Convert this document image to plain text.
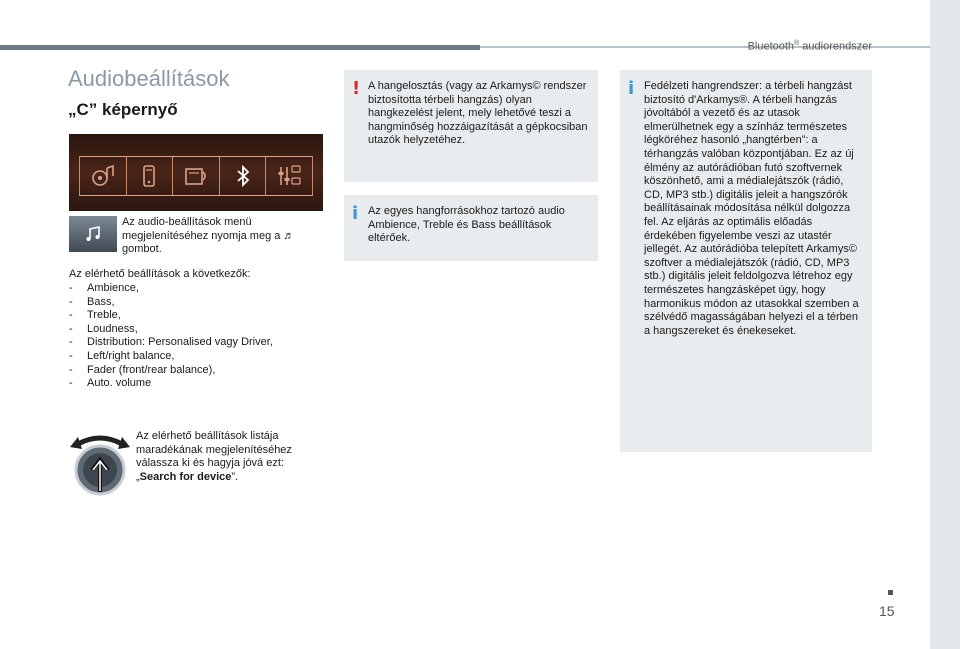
Bluetooth® audiorendszer
Audiobeállítások
„C” képernyő

Az audio-beállítások menü megjelenítéséhez nyomja meg a ♬ gombot.

Az elérhető beállítások a következők:

- Ambience,
- Bass,
- Treble,
- Loudness,
- Distribution: Personalised vagy Driver,
- Left/right balance,
- Fader (front/rear balance),
- Auto. volume

Az elérhető beállítások listája maradékának megjelenítéséhez válassza ki és hagyja jóvá ezt: „Search for device”.

! A hangelosztás (vagy az Arkamys© rendszer biztosította térbeli hangzás) olyan hangkezelést jelent, mely lehetővé teszi a hangminőség hozzáigazítását a gépkocsiban utazók helyzetéhez.

i Az egyes hangforrásokhoz tartozó audio Ambience, Treble és Bass beállítások eltérőek.

i Fedélzeti hangrendszer: a térbeli hangzást biztosító d'Arkamys®. A térbeli hangzás jóvoltából a vezető és az utasok elmerülhetnek egy a színház természetes légköréhez hasonló „hangtérben”: a térhangzás valóban központjában. Ez az új élmény az autórádióban futó szoftvernek köszönhető, ami a médialejátszók (rádió, CD, MP3 stb.) digitális jeleit a hangszórók beállításainak módosítása nélkül dolgozza fel. Az eljárás az optimális előadás érdekében figyelembe veszi az utastér jellegét. Az autórádióba telepített Arkamys© szoftver a médialejátszók (rádió, CD, MP3 stb.) digitális jeleit feldolgozva létrehoz egy természetes hangzásképet úgy, hogy harmonikus módon az utasokkal szemben a szélvédő magasságában helyezi el a térben a hangszereket és énekeseket.

15
